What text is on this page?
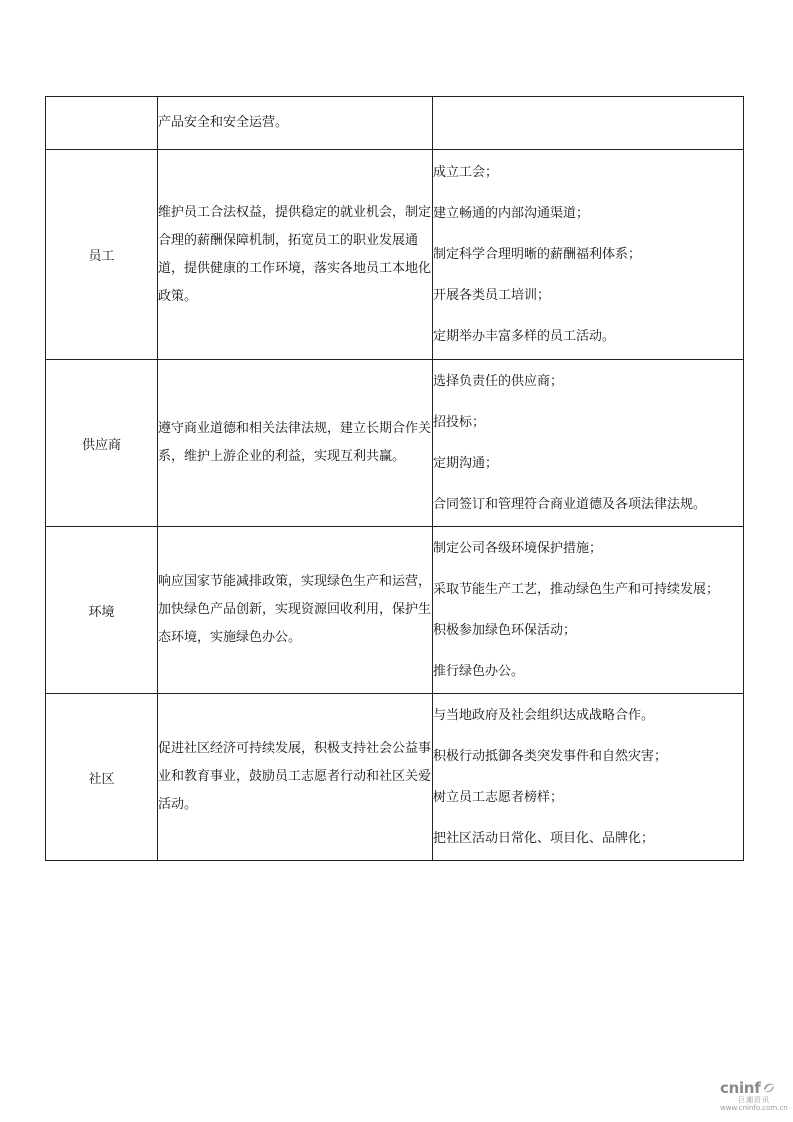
	产品安全和安全运营。	
员工	维护员工合法权益，提供稳定的就业机会，制定合理的薪酬保障机制，拓宽员工的职业发展通道，提供健康的工作环境，落实各地员工本地化政策。	成立工会；

建立畅通的内部沟通渠道；

制定科学合理明晰的薪酬福利体系；

开展各类员工培训；

定期举办丰富多样的员工活动。

供应商	遵守商业道德和相关法律法规，建立长期合作关系，维护上游企业的利益，实现互利共赢。	选择负责任的供应商；

招投标；

定期沟通；

合同签订和管理符合商业道德及各项法律法规。

环境	响应国家节能减排政策，实现绿色生产和运营，加快绿色产品创新，实现资源回收利用，保护生态环境，实施绿色办公。	制定公司各级环境保护措施；

采取节能生产工艺，推动绿色生产和可持续发展；

积极参加绿色环保活动；

推行绿色办公。

社区	促进社区经济可持续发展，积极支持社会公益事业和教育事业，鼓励员工志愿者行动和社区关爱活动。	与当地政府及社会组织达成战略合作。

积极行动抵御各类突发事件和自然灾害；

树立员工志愿者榜样；

把社区活动日常化、项目化、品牌化；

cninf
巨潮资讯
www.cninfo.com.cn
